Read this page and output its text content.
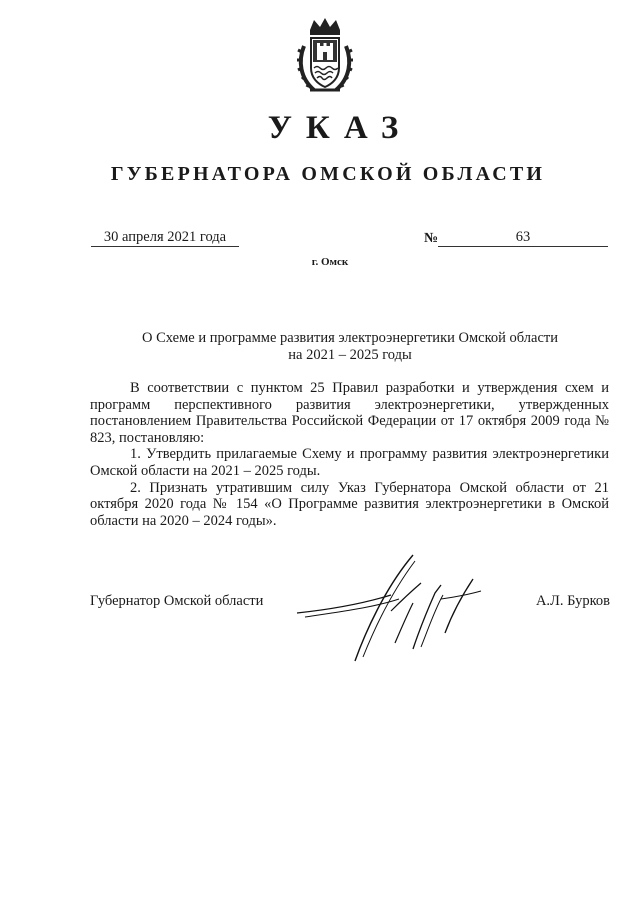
УКАЗ
ГУБЕРНАТОРА ОМСКОЙ ОБЛАСТИ
30 апреля 2021 года	№	63
г. Омск
О Схеме и программе развития электроэнергетики Омской области
на 2021 – 2025 годы

В соответствии с пунктом 25 Правил разработки и утверждения схем и программ перспективного развития электроэнергетики, утвержденных постановлением Правительства Российской Федерации от 17 октября 2009 года № 823, постановляю:

1. Утвердить прилагаемые Схему и программу развития электроэнергетики Омской области на 2021 – 2025 годы.

2. Признать утратившим силу Указ Губернатора Омской области от 21 октября 2020 года № 154 «О Программе развития электроэнергетики в Омской области на 2020 – 2024 годы».

Губернатор Омской области	А.Л. Бурков
